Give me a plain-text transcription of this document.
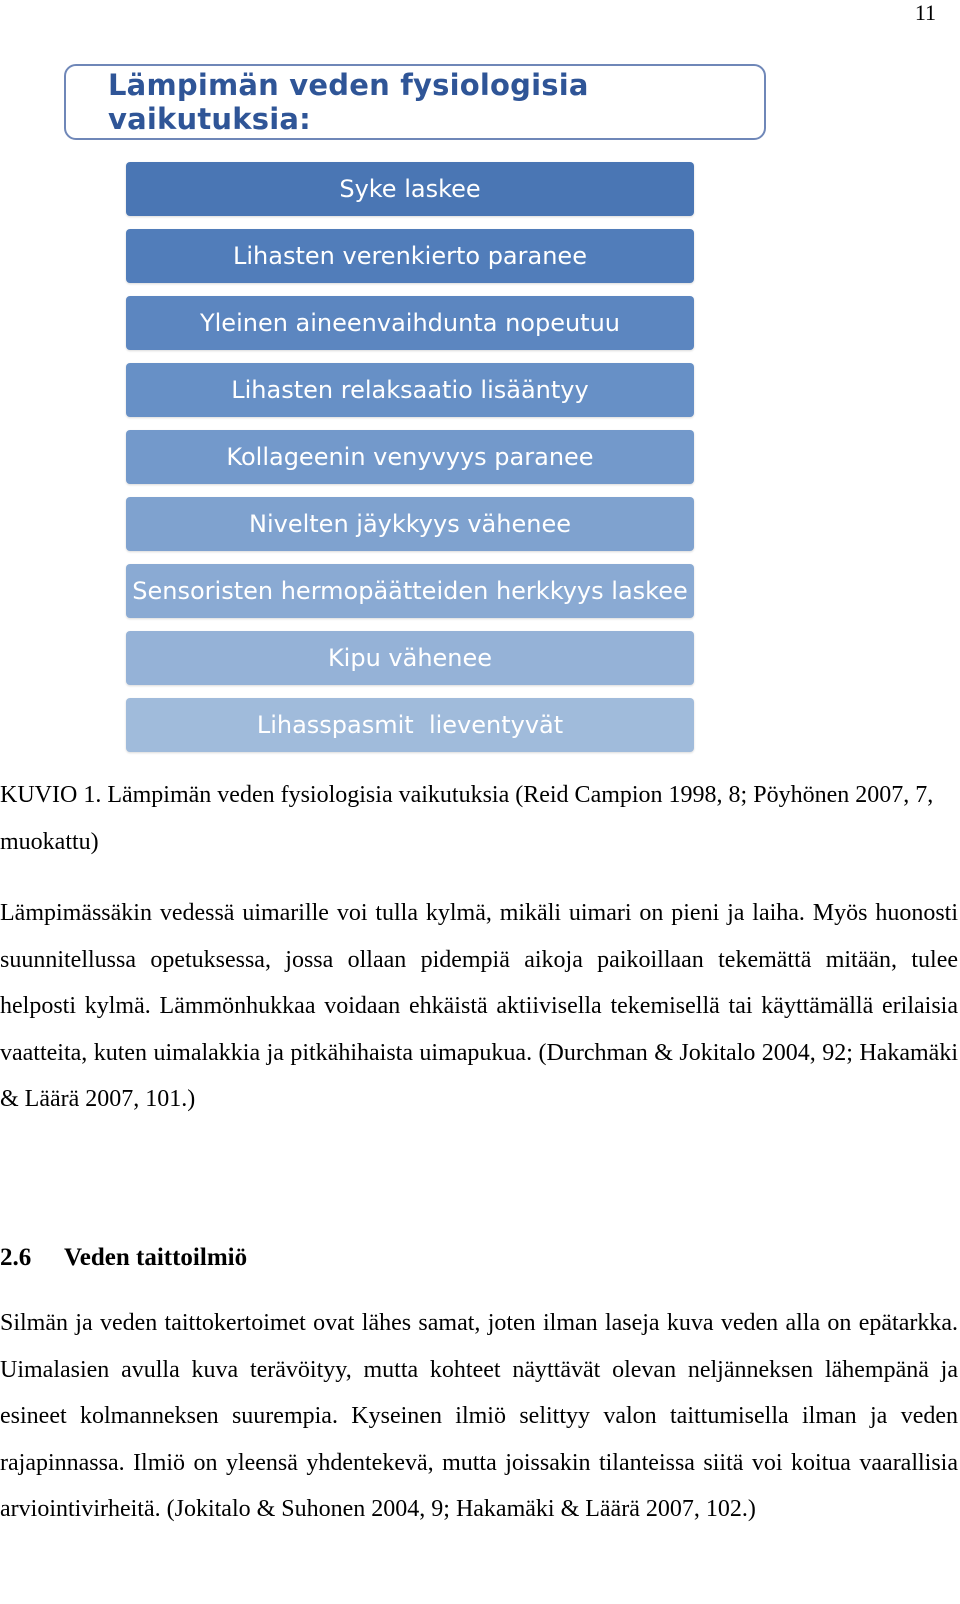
11
Lämpimän veden fysiologisia vaikutuksia:
Syke laskee
Lihasten verenkierto paranee
Yleinen aineenvaihdunta nopeutuu
Lihasten relaksaatio lisääntyy
Kollageenin venyvyys paranee
Nivelten jäykkyys vähenee
Sensoristen hermopäätteiden herkkyys laskee
Kipu vähenee
Lihasspasmit  lieventyvät
KUVIO 1. Lämpimän veden fysiologisia vaikutuksia (Reid Campion 1998, 8; Pöyhönen 2007, 7, muokattu)

Lämpimässäkin vedessä uimarille voi tulla kylmä, mikäli uimari on pieni ja laiha. Myös huonosti suunnitellussa opetuksessa, jossa ollaan pidempiä aikoja paikoillaan tekemättä mitään, tulee helposti kylmä. Lämmönhukkaa voidaan ehkäistä aktiivisella tekemisellä tai käyttämällä erilaisia vaatteita, kuten uimalakkia ja pitkähihaista uimapukua. (Durchman & Jokitalo 2004, 92; Hakamäki & Läärä 2007, 101.)

2.6 Veden taittoilmiö

Silmän ja veden taittokertoimet ovat lähes samat, joten ilman laseja kuva veden alla on epätarkka. Uimalasien avulla kuva terävöityy, mutta kohteet näyttävät olevan neljänneksen lähempänä ja esineet kolmanneksen suurempia. Kyseinen ilmiö selittyy valon taittumisella ilman ja veden rajapinnassa. Ilmiö on yleensä yhdentekevä, mutta joissakin tilanteissa siitä voi koitua vaarallisia arviointivirheitä. (Jokitalo & Suhonen 2004, 9; Hakamäki & Läärä 2007, 102.)
